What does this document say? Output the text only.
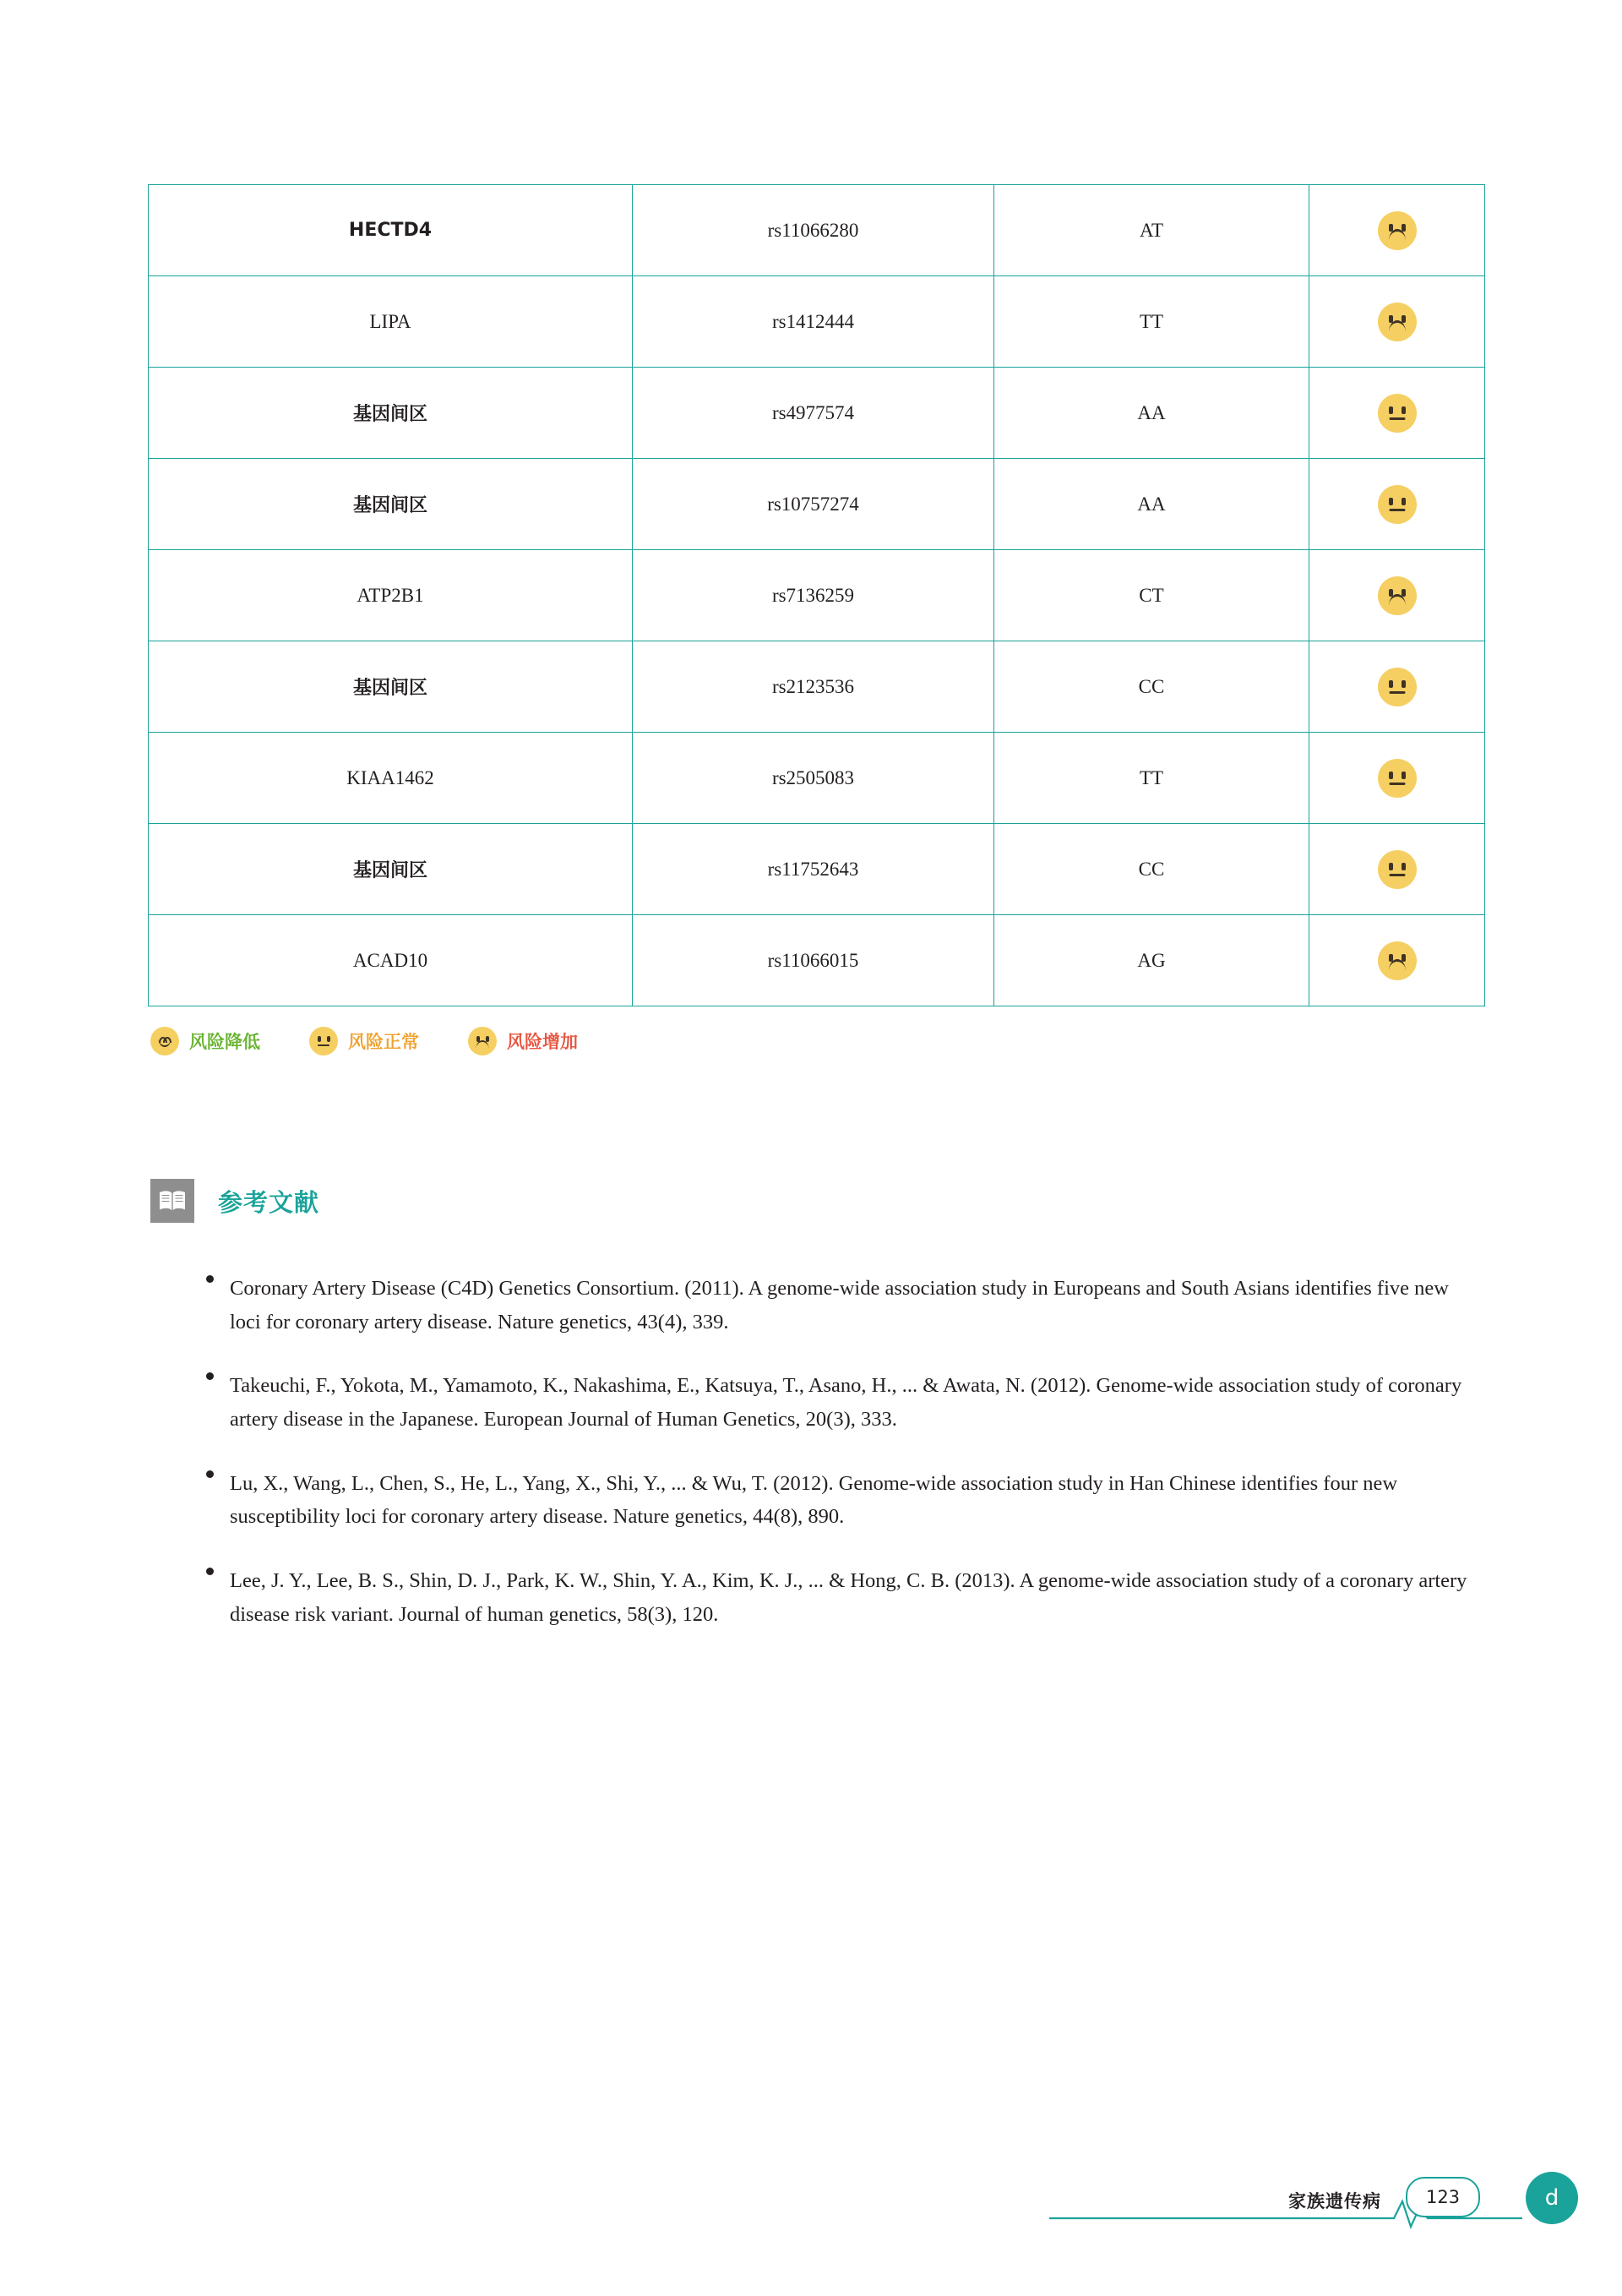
HECTD4	rs11066280	AT	

LIPA	rs1412444	TT	

基因间区	rs4977574	AA	

基因间区	rs10757274	AA	

ATP2B1	rs7136259	CT	

基因间区	rs2123536	CC	

KIAA1462	rs2505083	TT	

基因间区	rs11752643	CC	

ACAD10	rs11066015	AG	
风险降低	风险正常	风险增加
参考文献
Coronary Artery Disease (C4D) Genetics Consortium. (2011). A genome-wide association study in Europeans and South Asians identifies five new loci for coronary artery disease. Nature genetics, 43(4), 339.
Takeuchi, F., Yokota, M., Yamamoto, K., Nakashima, E., Katsuya, T., Asano, H., ... & Awata, N. (2012). Genome-wide association study of coronary artery disease in the Japanese. European Journal of Human Genetics, 20(3), 333.
Lu, X., Wang, L., Chen, S., He, L., Yang, X., Shi, Y., ... & Wu, T. (2012). Genome-wide association study in Han Chinese identifies four new susceptibility loci for coronary artery disease. Nature genetics, 44(8), 890.
Lee, J. Y., Lee, B. S., Shin, D. J., Park, K. W., Shin, Y. A., Kim, K. J., ... & Hong, C. B. (2013). A genome-wide association study of a coronary artery disease risk variant. Journal of human genetics, 58(3), 120.
家族遗传病	123	d
